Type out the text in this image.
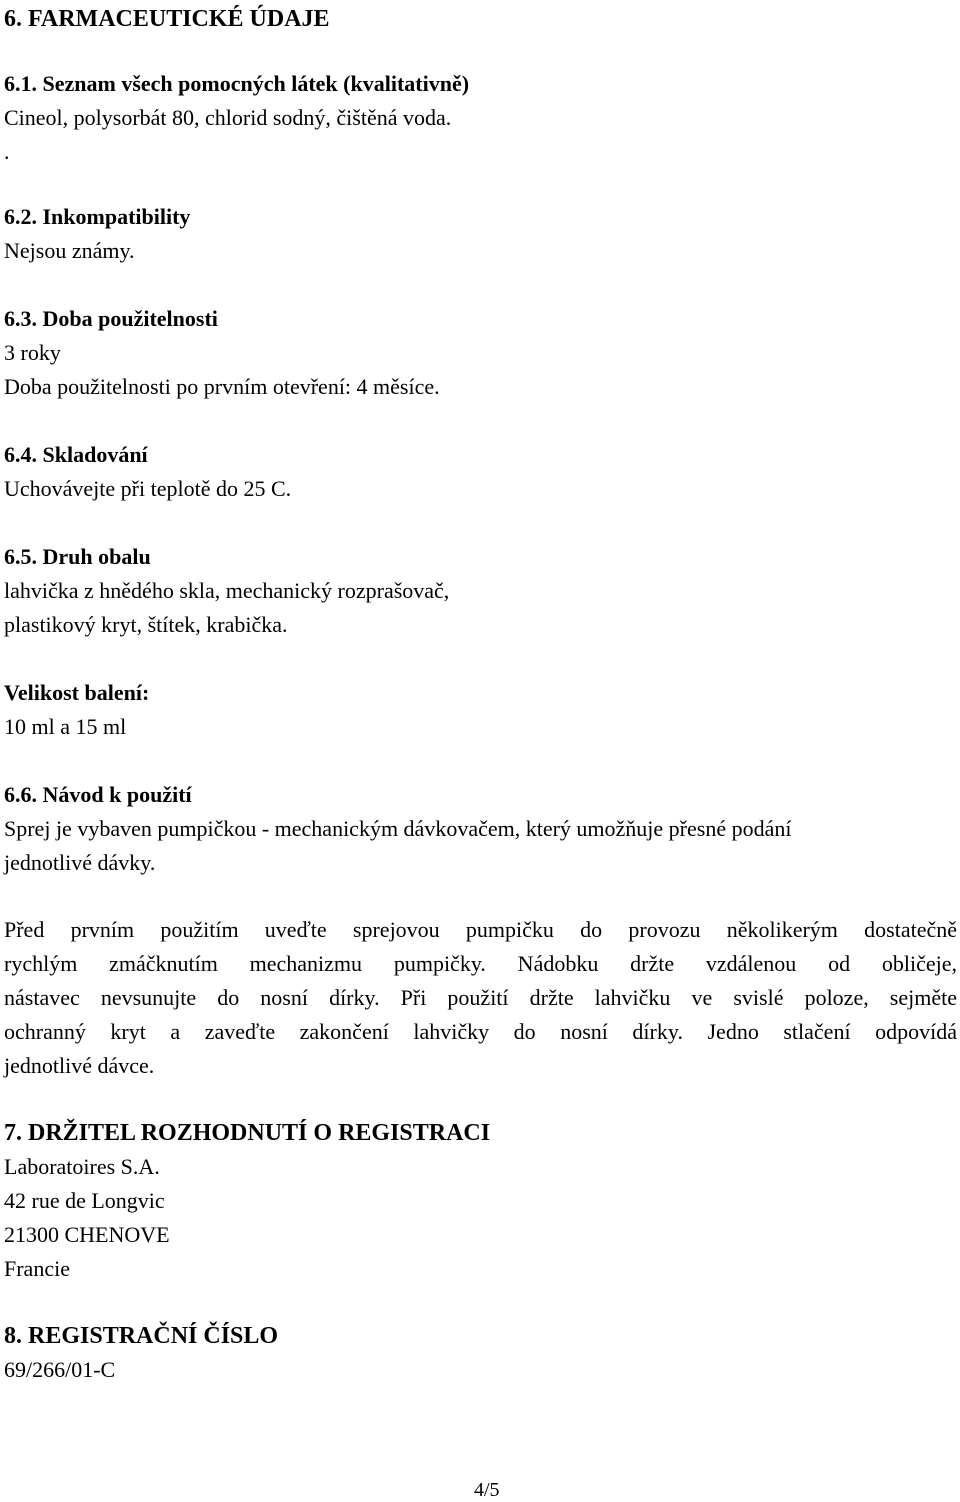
6. FARMACEUTICKÉ ÚDAJE
6.1. Seznam všech pomocných látek (kvalitativně)
Cineol, polysorbát 80, chlorid sodný, čištěná voda.
.
6.2. Inkompatibility
Nejsou známy.
6.3. Doba použitelnosti
3 roky
Doba použitelnosti po prvním otevření: 4 měsíce.
6.4. Skladování
Uchovávejte při teplotě do 25 C.
6.5. Druh obalu
lahvička z hnědého skla, mechanický rozprašovač,
plastikový kryt, štítek, krabička.
Velikost balení:
10 ml a 15 ml
6.6. Návod k použití
Sprej je vybaven pumpičkou - mechanickým dávkovačem, který umožňuje přesné podání
jednotlivé dávky.
Před prvním použitím uveďte sprejovou pumpičku do provozu několikerým dostatečně
rychlým zmáčknutím mechanizmu pumpičky. Nádobku držte vzdálenou od obličeje,
nástavec nevsunujte do nosní dírky. Při použití držte lahvičku ve svislé poloze, sejměte
ochranný kryt a zaveďte zakončení lahvičky do nosní dírky. Jedno stlačení odpovídá
jednotlivé dávce.
7. DRŽITEL ROZHODNUTÍ O REGISTRACI
Laboratoires S.A.
42 rue de Longvic
21300 CHENOVE
Francie
8. REGISTRAČNÍ ČÍSLO
69/266/01-C
4/5
